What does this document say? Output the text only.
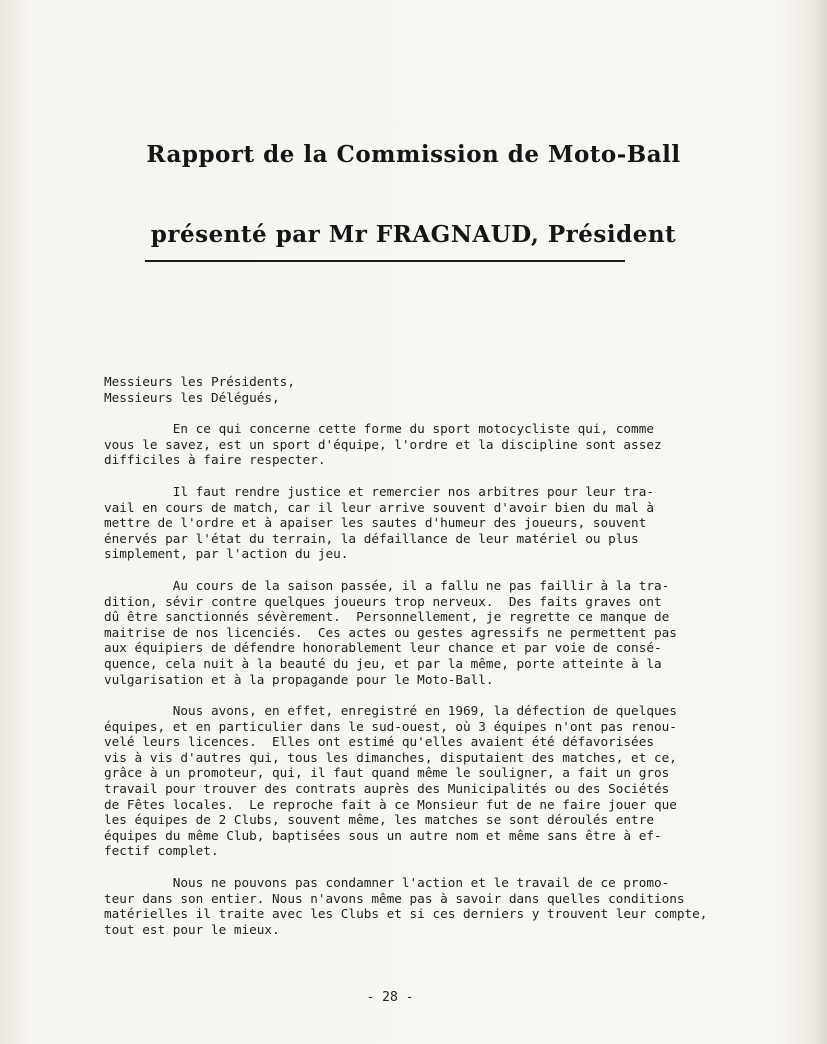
Rapport de la Commission de Moto-Ball
présenté par Mr FRAGNAUD, Président
Messieurs les Présidents,
Messieurs les Délégués,
En ce qui concerne cette forme du sport motocycliste qui, comme
vous le savez, est un sport d'équipe, l'ordre et la discipline sont assez
difficiles à faire respecter.
Il faut rendre justice et remercier nos arbitres pour leur tra-
vail en cours de match, car il leur arrive souvent d'avoir bien du mal à
mettre de l'ordre et à apaiser les sautes d'humeur des joueurs, souvent
énervés par l'état du terrain, la défaillance de leur matériel ou plus
simplement, par l'action du jeu.
Au cours de la saison passée, il a fallu ne pas faillir à la tra-
dition, sévir contre quelques joueurs trop nerveux.  Des faits graves ont
dû être sanctionnés sévèrement.  Personnellement, je regrette ce manque de
maitrise de nos licenciés.  Ces actes ou gestes agressifs ne permettent pas
aux équipiers de défendre honorablement leur chance et par voie de consé-
quence, cela nuit à la beauté du jeu, et par la même, porte atteinte à la
vulgarisation et à la propagande pour le Moto-Ball.
Nous avons, en effet, enregistré en 1969, la défection de quelques
équipes, et en particulier dans le sud-ouest, où 3 équipes n'ont pas renou-
velé leurs licences.  Elles ont estimé qu'elles avaient été défavorisées
vis à vis d'autres qui, tous les dimanches, disputaient des matches, et ce,
grâce à un promoteur, qui, il faut quand même le souligner, a fait un gros
travail pour trouver des contrats auprès des Municipalités ou des Sociétés
de Fêtes locales.  Le reproche fait à ce Monsieur fut de ne faire jouer que
les équipes de 2 Clubs, souvent même, les matches se sont déroulés entre
équipes du même Club, baptisées sous un autre nom et même sans être à ef-
fectif complet.
Nous ne pouvons pas condamner l'action et le travail de ce promo-
teur dans son entier. Nous n'avons même pas à savoir dans quelles conditions
matérielles il traite avec les Clubs et si ces derniers y trouvent leur compte,
tout est pour le mieux.
- 28 -
